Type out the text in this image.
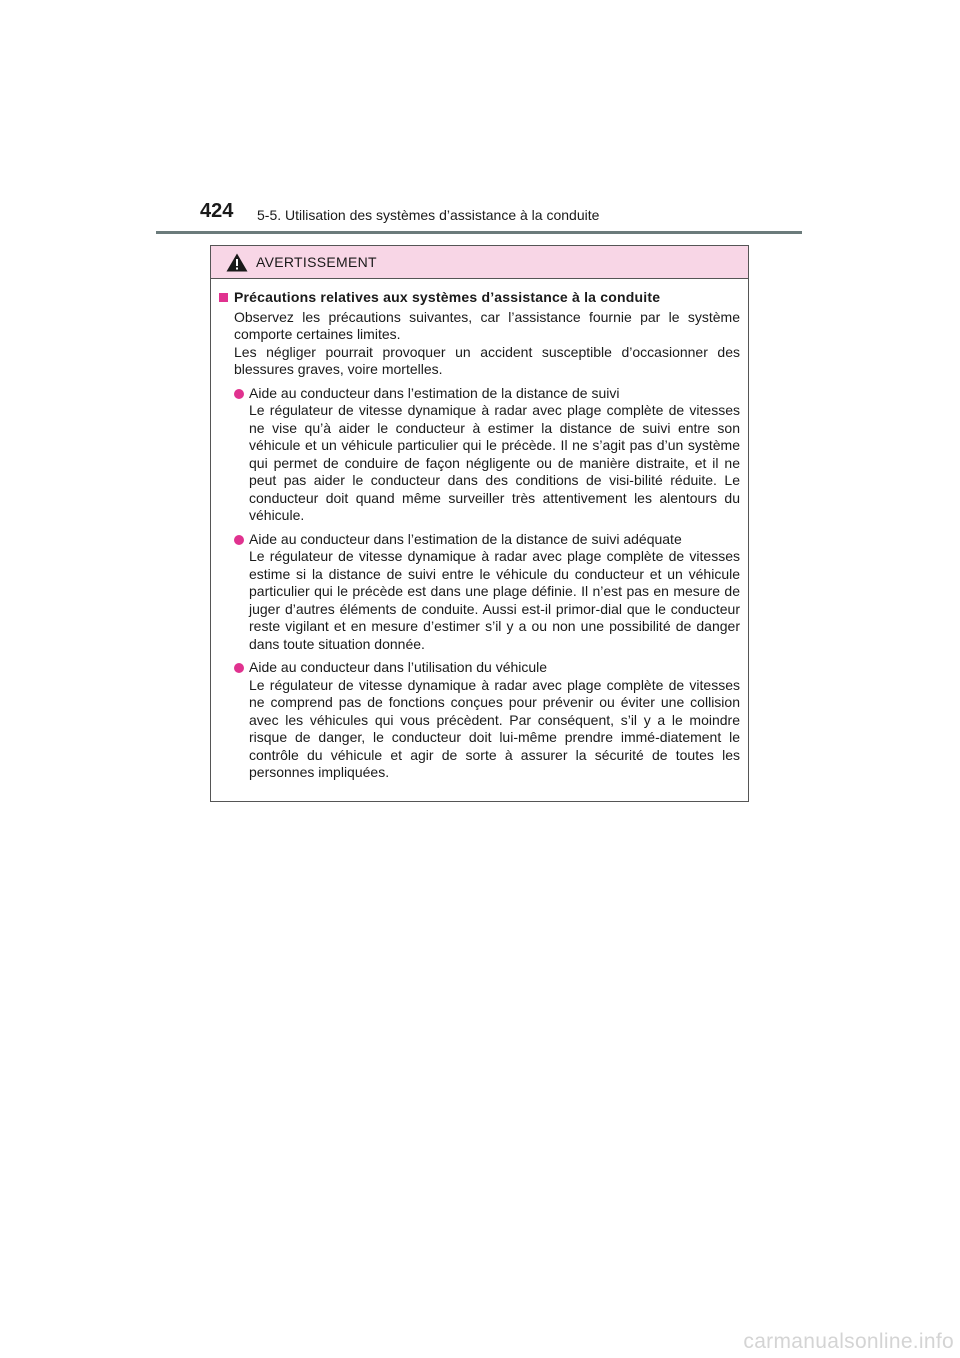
424 5-5. Utilisation des systèmes d’assistance à la conduite
AVERTISSEMENT
Précautions relatives aux systèmes d’assistance à la conduite
Observez les précautions suivantes, car l’assistance fournie par le système comporte certaines limites.
Les négliger pourrait provoquer un accident susceptible d’occasionner des blessures graves, voire mortelles.
Aide au conducteur dans l’estimation de la distance de suivi
Le régulateur de vitesse dynamique à radar avec plage complète de vitesses ne vise qu’à aider le conducteur à estimer la distance de suivi entre son véhicule et un véhicule particulier qui le précède. Il ne s’agit pas d’un système qui permet de conduire de façon négligente ou de manière distraite, et il ne peut pas aider le conducteur dans des conditions de visi-bilité réduite. Le conducteur doit quand même surveiller très attentivement les alentours du véhicule.
Aide au conducteur dans l’estimation de la distance de suivi adéquate
Le régulateur de vitesse dynamique à radar avec plage complète de vitesses estime si la distance de suivi entre le véhicule du conducteur et un véhicule particulier qui le précède est dans une plage définie. Il n’est pas en mesure de juger d’autres éléments de conduite. Aussi est-il primor-dial que le conducteur reste vigilant et en mesure d’estimer s’il y a ou non une possibilité de danger dans toute situation donnée.
Aide au conducteur dans l’utilisation du véhicule
Le régulateur de vitesse dynamique à radar avec plage complète de vitesses ne comprend pas de fonctions conçues pour prévenir ou éviter une collision avec les véhicules qui vous précèdent. Par conséquent, s’il y a le moindre risque de danger, le conducteur doit lui-même prendre immé-diatement le contrôle du véhicule et agir de sorte à assurer la sécurité de toutes les personnes impliquées.
carmanualsonline.info
